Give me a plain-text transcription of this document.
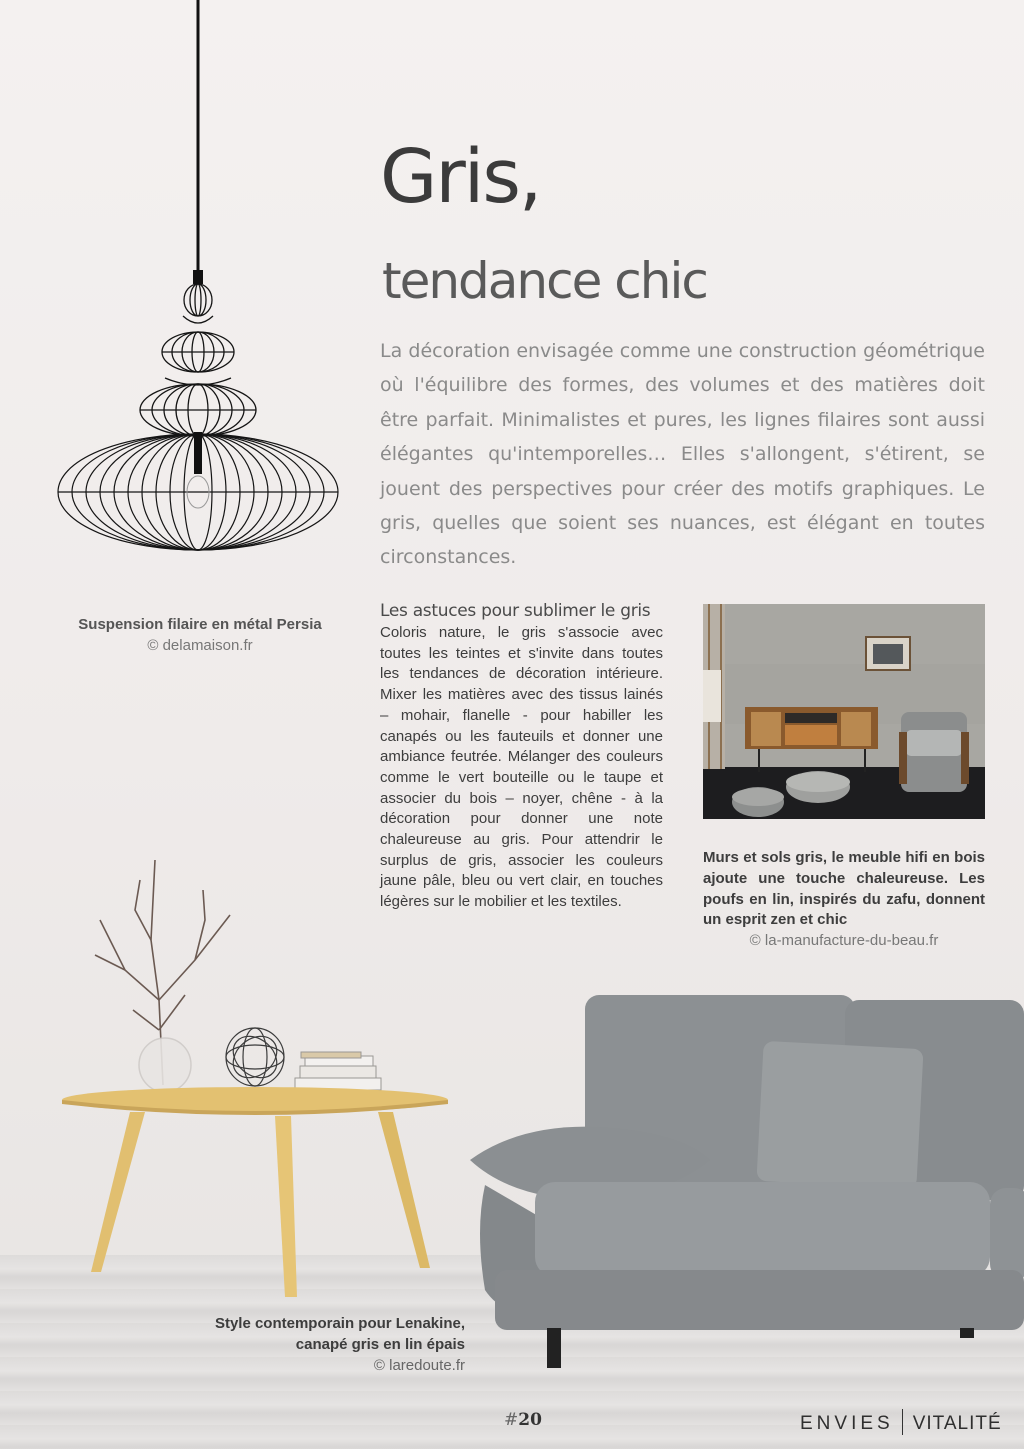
Gris,
tendance chic

La décoration envisagée comme une construction géométrique où l'équilibre des formes, des volumes et des matières doit être parfait. Minimalistes et pures, les lignes filaires sont aussi élégantes qu'intemporelles… Elles s'allongent, s'étirent, se jouent des perspectives pour créer des motifs graphiques. Le gris, quelles que soient ses nuances, est élégant en toutes circonstances.

Suspension filaire en métal Persia
© delamaison.fr
Les astuces pour sublimer le gris

Coloris nature, le gris s'associe avec toutes les teintes et s'invite dans toutes les tendances de décoration intérieure. Mixer les matières avec des tissus lainés – mohair, flanelle - pour habiller les canapés ou les fauteuils et donner une ambiance feutrée. Mélanger des couleurs comme le vert bouteille ou le taupe et associer du bois – noyer, chêne - à la décoration pour donner une note chaleureuse au gris. Pour attendrir le surplus de gris, associer les couleurs jaune pâle, bleu ou vert clair, en touches légères sur le mobilier et les textiles.

Murs et sols gris, le meuble hifi en bois ajoute une touche chaleureuse. Les poufs en lin, inspirés du zafu, donnent un esprit zen et chic
© la-manufacture-du-beau.fr
Style contemporain pour Lenakine,
canapé gris en lin épais
© laredoute.fr
#20	ENVIES VITALITÉ
